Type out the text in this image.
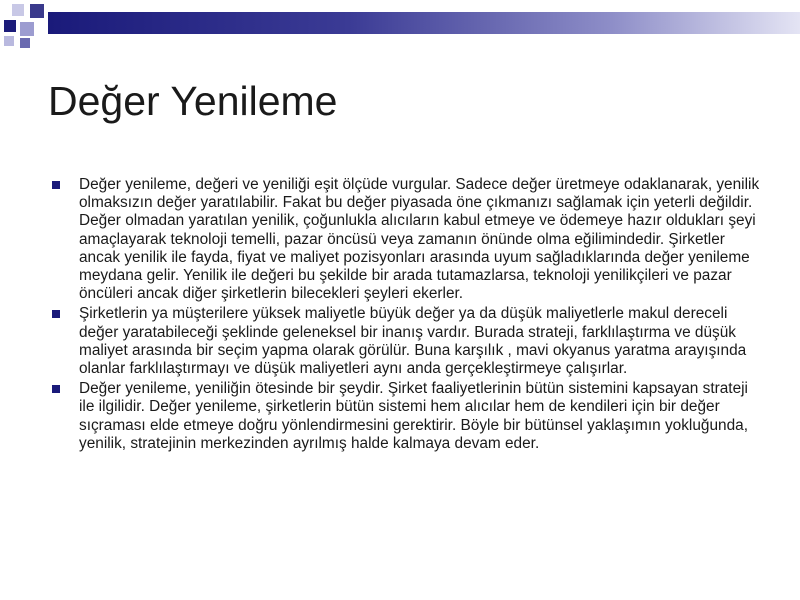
Değer Yenileme
Değer yenileme, değeri ve yeniliği eşit ölçüde vurgular. Sadece değer üretmeye odaklanarak, yenilik olmaksızın değer yaratılabilir. Fakat bu değer piyasada öne çıkmanızı sağlamak için yeterli değildir. Değer olmadan yaratılan yenilik, çoğunlukla alıcıların kabul etmeye ve ödemeye hazır oldukları şeyi amaçlayarak teknoloji temelli, pazar öncüsü veya zamanın önünde olma eğilimindedir. Şirketler ancak yenilik ile fayda, fiyat ve maliyet pozisyonları arasında uyum sağladıklarında değer yenileme meydana gelir. Yenilik ile değeri bu şekilde bir arada tutamazlarsa, teknoloji yenilikçileri ve pazar öncüleri ancak diğer şirketlerin bilecekleri şeyleri ekerler.
Şirketlerin ya müşterilere yüksek maliyetle büyük değer ya da düşük maliyetlerle makul dereceli değer yaratabileceği şeklinde geleneksel bir inanış vardır. Burada strateji, farklılaştırma ve düşük maliyet arasında bir seçim yapma olarak görülür. Buna karşılık , mavi okyanus yaratma arayışında olanlar farklılaştırmayı ve düşük maliyetleri aynı anda gerçekleştirmeye çalışırlar.
Değer yenileme, yeniliğin ötesinde bir şeydir. Şirket faaliyetlerinin bütün sistemini kapsayan strateji ile ilgilidir. Değer yenileme, şirketlerin bütün sistemi hem alıcılar hem de kendileri için bir değer sıçraması elde etmeye doğru yönlendirmesini gerektirir. Böyle bir bütünsel yaklaşımın yokluğunda, yenilik, stratejinin merkezinden ayrılmış halde kalmaya devam eder.
